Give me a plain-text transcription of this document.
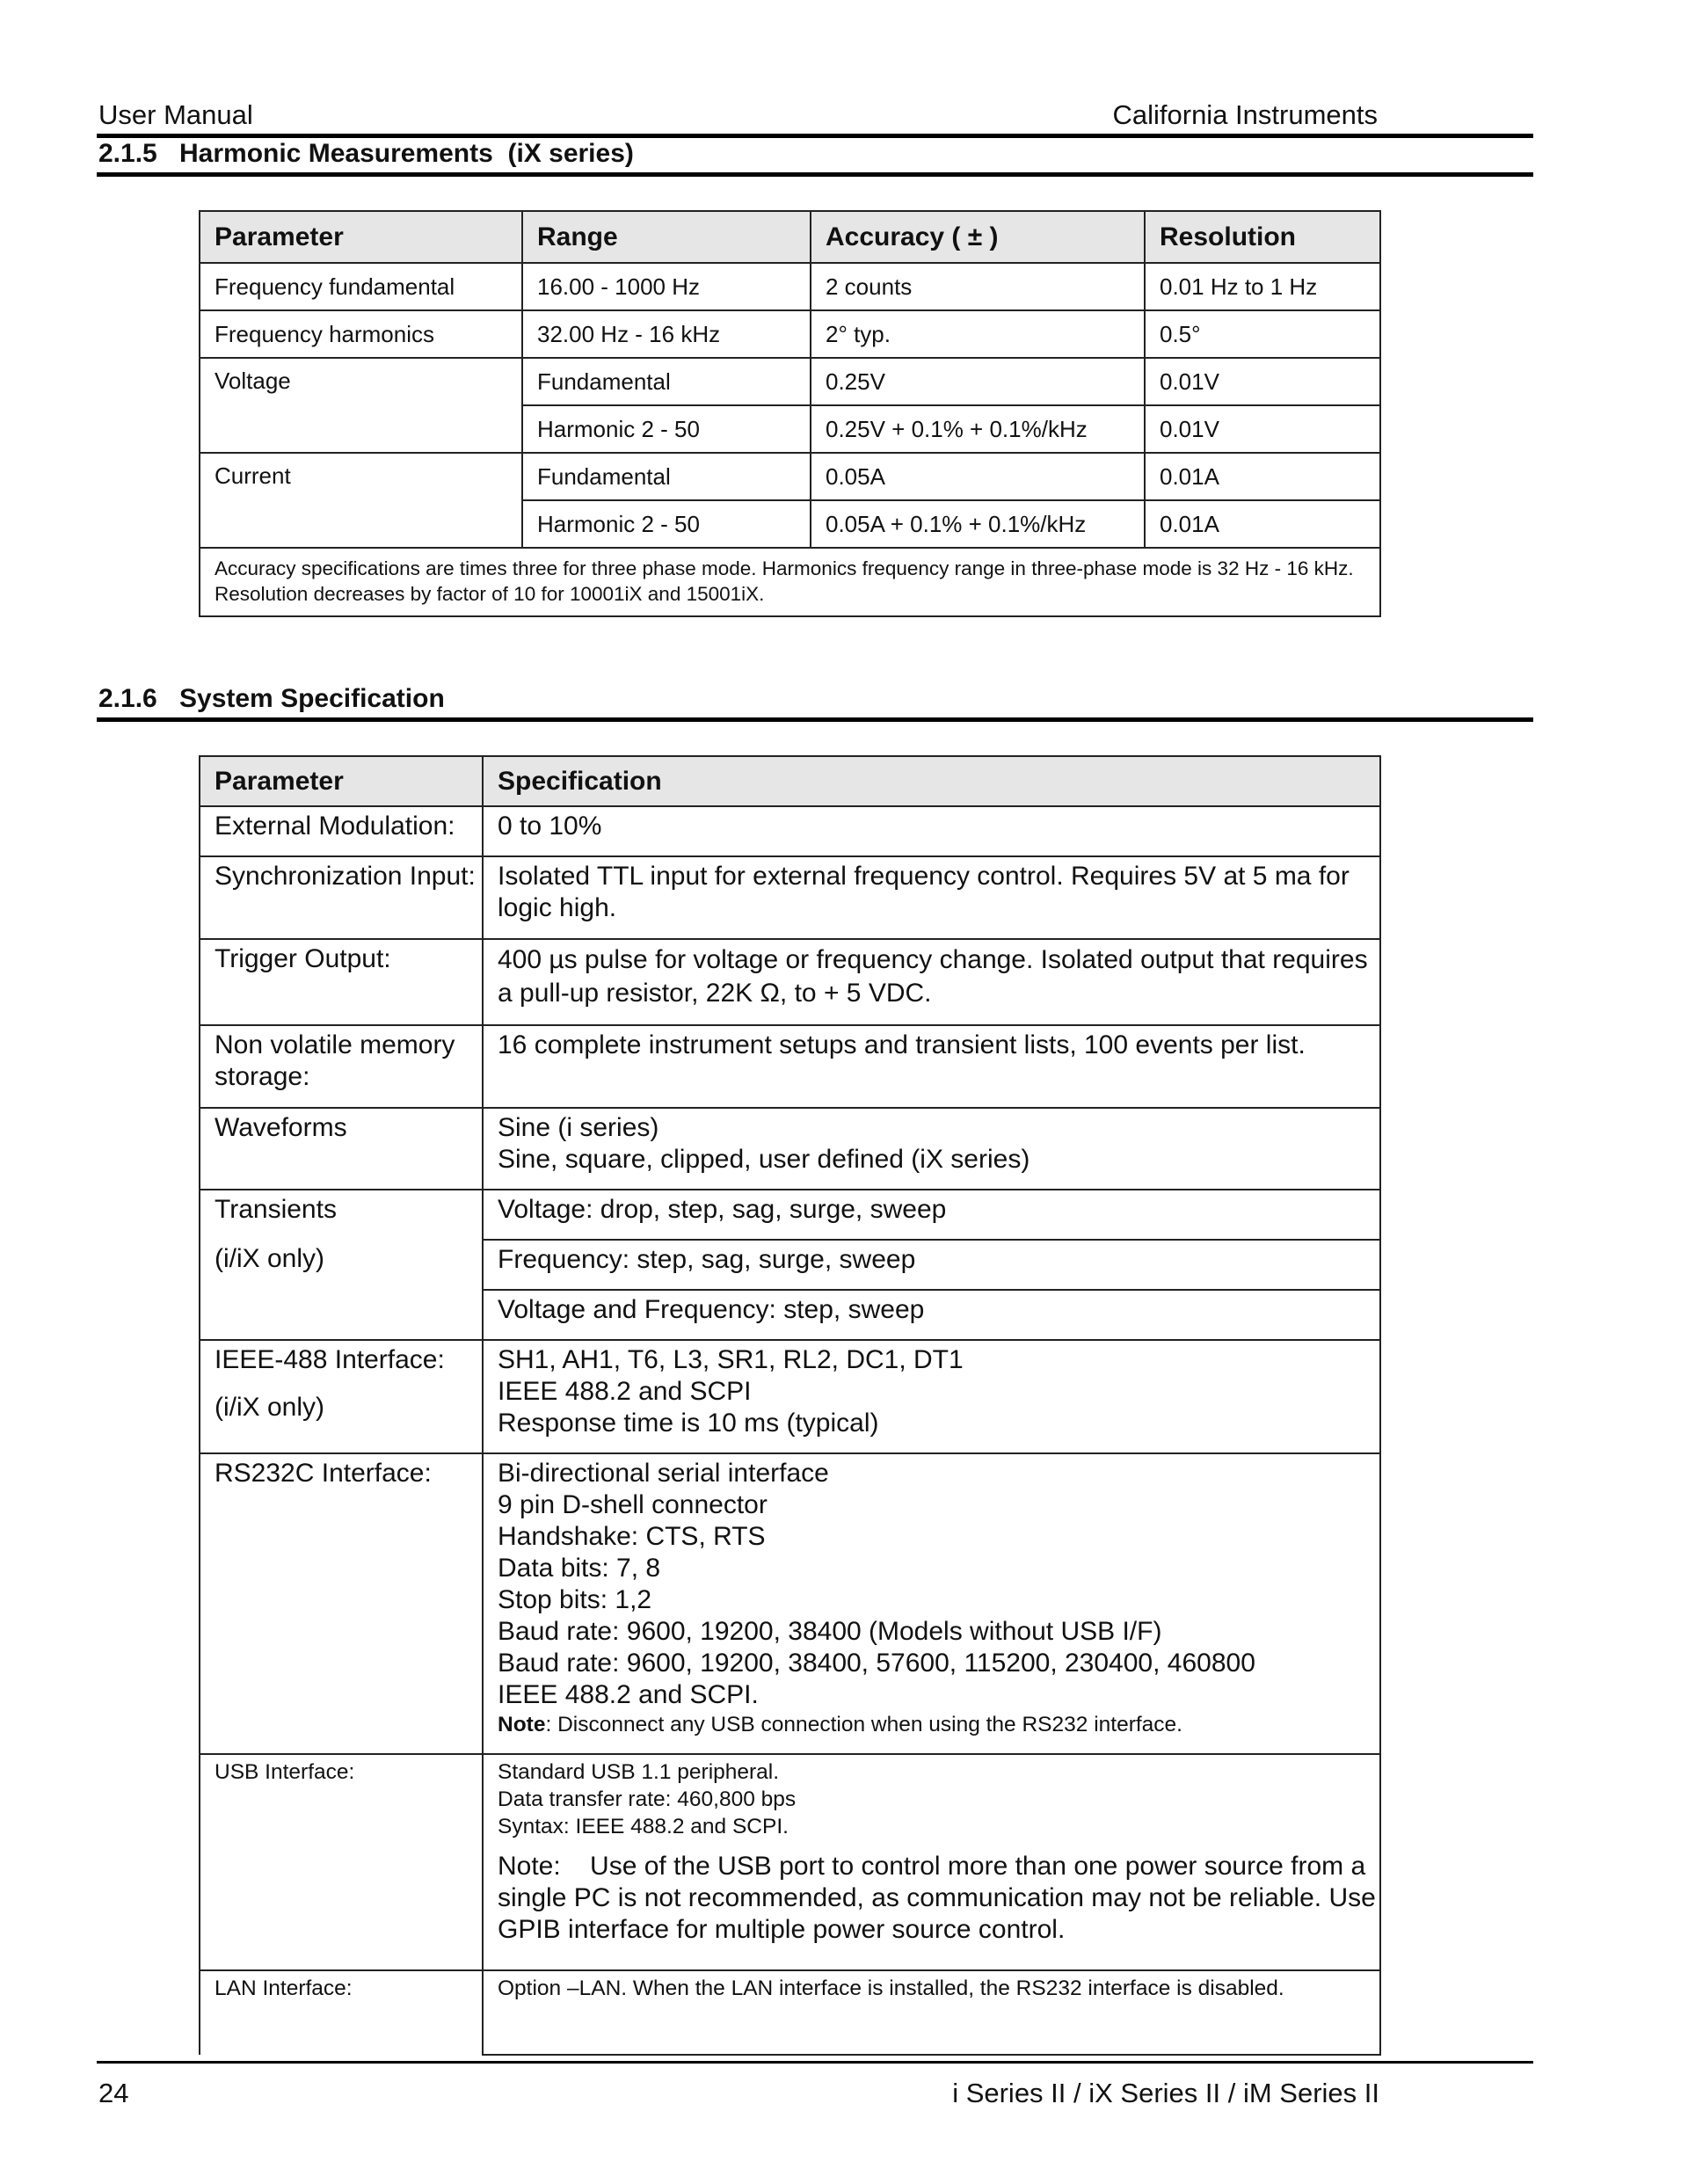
User Manual	California Instruments
2.1.5 Harmonic Measurements  (iX series)
Parameter	Range	Accuracy ( ± )	Resolution
Frequency fundamental	16.00 - 1000 Hz	2 counts	0.01 Hz to 1 Hz
Frequency harmonics	32.00 Hz - 16 kHz	2° typ.	0.5°
Voltage	Fundamental	0.25V	0.01V
	Harmonic 2 - 50	0.25V + 0.1% + 0.1%/kHz	0.01V
Current	Fundamental	0.05A	0.01A
	Harmonic 2 - 50	0.05A + 0.1% + 0.1%/kHz	0.01A
Accuracy specifications are times three for three phase mode. Harmonics frequency range in three-phase mode is 32 Hz - 16 kHz. Resolution decreases by factor of 10 for 10001iX and 15001iX.			
2.1.6 System Specification
Parameter	Specification
External Modulation:	0 to 10%
Synchronization Input:	Isolated TTL input for external frequency control. Requires 5V at 5 ma for logic high.
Trigger Output:	400 µs pulse for voltage or frequency change. Isolated output that requires a pull-up resistor, 22K Ω, to + 5 VDC.
Non volatile memory storage:	16 complete instrument setups and transient lists, 100 events per list.
Waveforms	Sine (i series)
Sine, square, clipped, user defined (iX series)

Transients
(i/iX only)	Voltage: drop, step, sag, surge, sweep
	Frequency: step, sag, surge, sweep
	Voltage and Frequency: step, sweep

IEEE-488 Interface:
(i/iX only)	SH1, AH1, T6, L3, SR1, RL2, DC1, DT1
IEEE 488.2 and SCPI
Response time is 10 ms (typical)

RS232C Interface:	Bi-directional serial interface
9 pin D-shell connector
Handshake: CTS, RTS
Data bits: 7, 8
Stop bits: 1,2
Baud rate: 9600, 19200, 38400 (Models without USB I/F)
Baud rate: 9600, 19200, 38400, 57600, 115200, 230400, 460800
IEEE 488.2 and SCPI.
Note: Disconnect any USB connection when using the RS232 interface.

USB Interface:	Standard USB 1.1 peripheral.
Data transfer rate: 460,800 bps
Syntax: IEEE 488.2 and SCPI.
Note:    Use of the USB port to control more than one power source from a single PC is not recommended, as communication may not be reliable. Use GPIB interface for multiple power source control.

LAN Interface:	Option –LAN. When the LAN interface is installed, the RS232 interface is disabled.
24	i Series II / iX Series II / iM Series II
